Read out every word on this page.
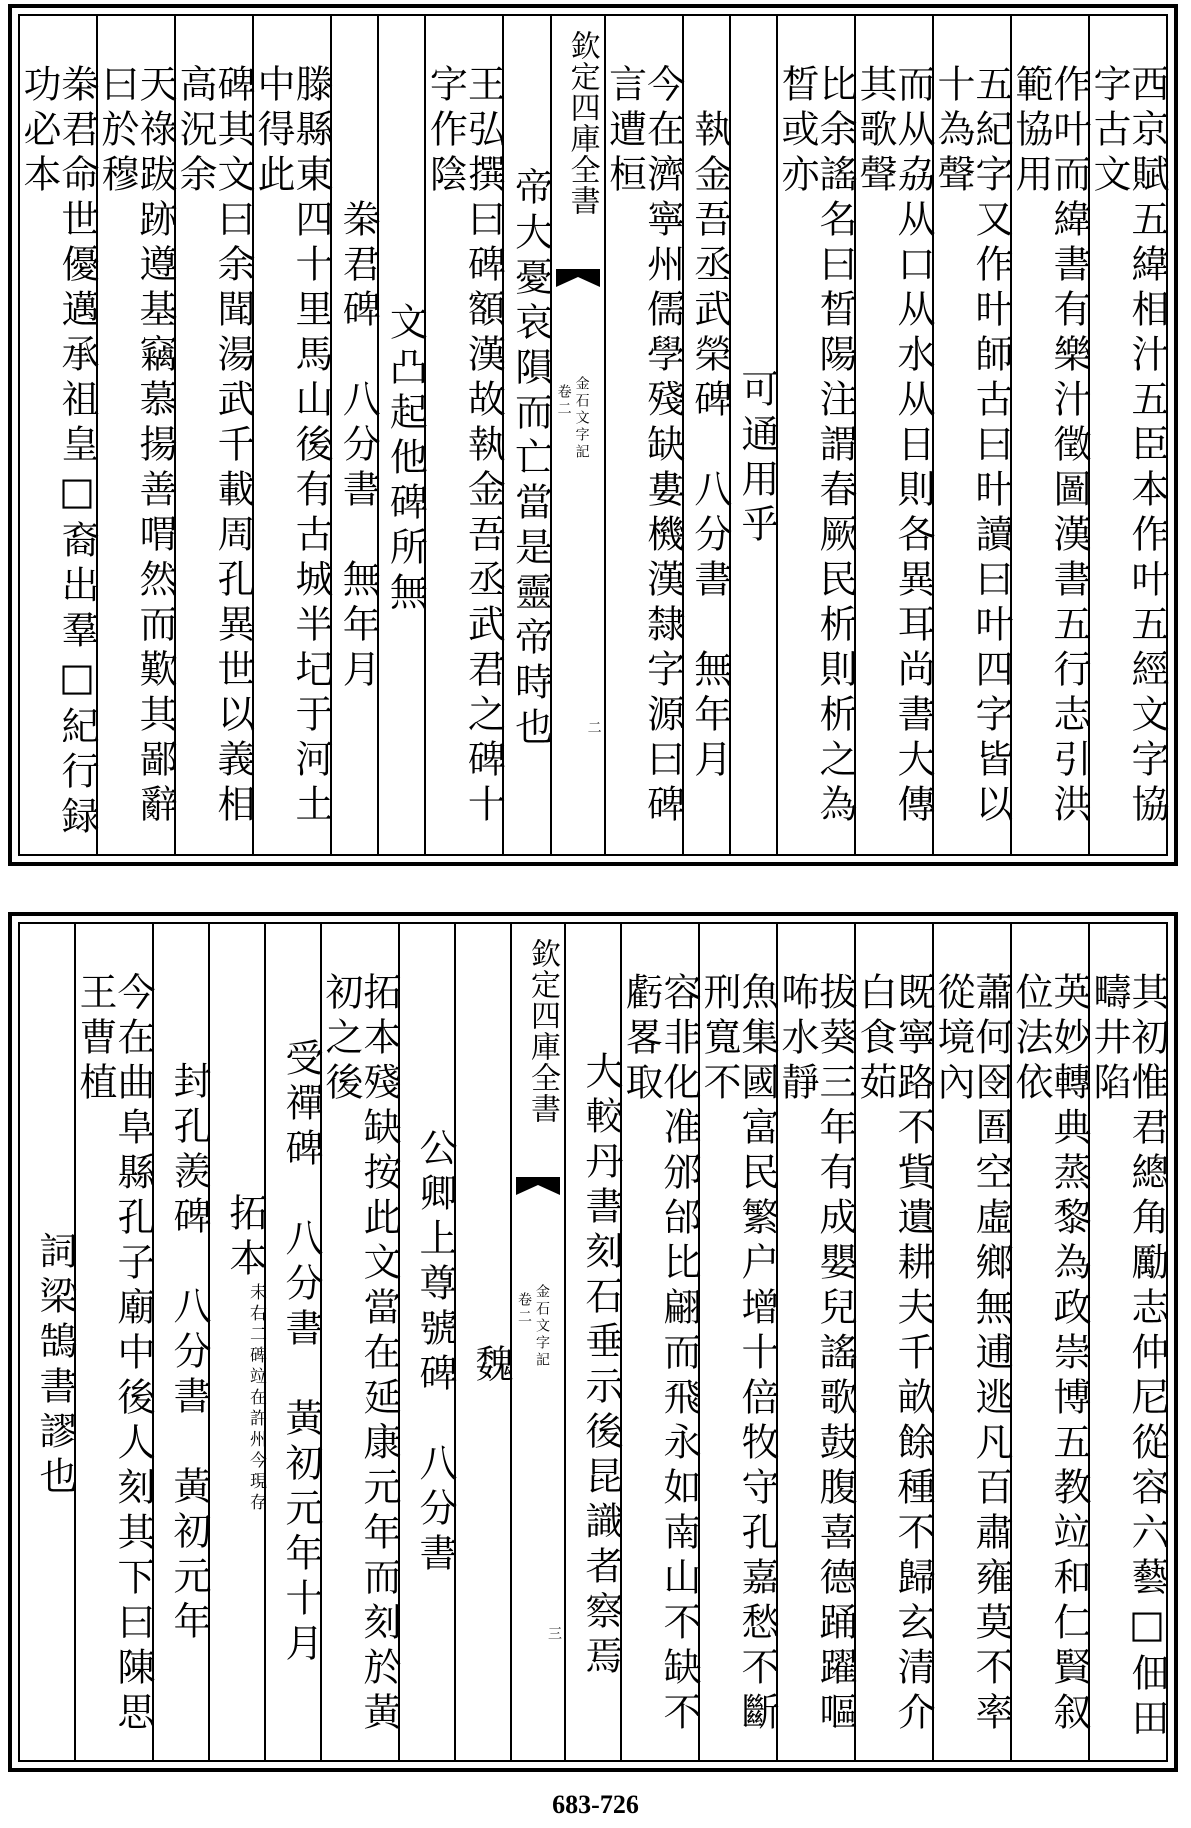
西京賦五緯相汁五臣本作叶五經文字協字古文
作叶而緯書有樂汁徵圖漢書五行志引洪範協用
五紀字又作旪師古曰旪讀曰叶四字皆以十為聲
而从劦从口从水从日則各異耳尚書大傳其歌聲
比余謠名曰晳陽注謂春厥民析則析之為晳或亦
可通用乎
執金吾丞武榮碑　八分書　無年月
今在濟寧州儒學殘缺婁機漢隸字源曰碑言遭桓
欽定四庫全書
金石文字記
卷二
二
帝大憂哀隕而亡當是靈帝時也
王弘撰曰碑額漢故執金吾丞武君之碑十字作陰
文凸起他碑所無
桊君碑　八分書　無年月
滕縣東四十里馬山後有古城半圮于河土中得此
碑其文曰余聞湯武千載周孔異世以義相高況余
天祿跋跡遵基竊慕揚善喟然而歎其鄙辭曰於穆
桊君命世優邁承祖皇□裔出羣□紀行録功必本
其初惟君總角勵志仲尼從容六藝□佃田疇井陷
英妙轉典蒸黎為政崇博五教竝和仁賢叙位法依
蕭何囹圄空虛鄉無逋逃凡百肅雍莫不率從境內
既寧路不貲遺耕夫千畝餘種不歸玄清介白食茹
拔葵三年有成嬰兒謠歌鼓腹喜德踊躍嘔咘水靜
魚集國富民繁户增十倍牧守孔嘉愁不斷刑寬不
容非化准邠邰比翩而飛永如南山不缺不虧畧取
大較丹書刻石垂示後昆識者察焉
欽定四庫全書
金石文字記
卷二
三
魏
公卿上尊號碑　八分書
拓本殘缺按此文當在延康元年而刻於黃初之後
受禪碑　八分書　黃初元年十月
拓本
未
右二碑
竝
在許州今
現存
封孔羨碑　八分書　黃初元年
今在曲阜縣孔子廟中後人刻其下曰陳思王曹植
詞梁鵠書謬也
683-726
